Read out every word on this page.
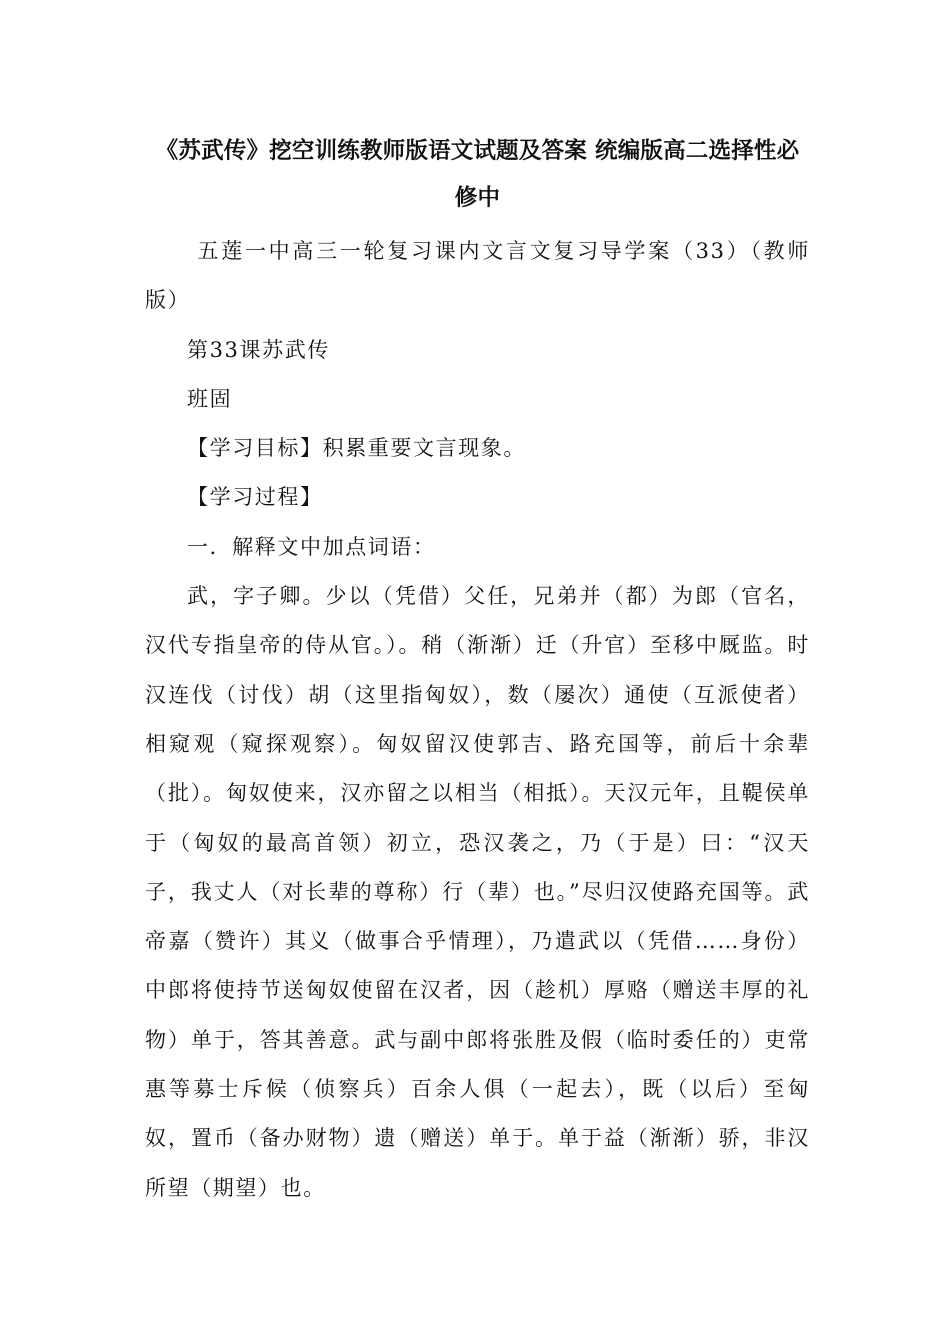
《苏武传》挖空训练教师版语文试题及答案 统编版高二选择性必修中

五莲一中高三一轮复习课内文言文复习导学案（33）（教师版）

第33课苏武传

班固

【学习目标】积累重要文言现象。

【学习过程】

一．解释文中加点词语：

武，字子卿。少以（凭借）父任，兄弟并（都）为郎（官名，汉代专指皇帝的侍从官。）。稍（渐渐）迁（升官）至移中厩监。时汉连伐（讨伐）胡（这里指匈奴），数（屡次）通使（互派使者）相窥观（窥探观察）。匈奴留汉使郭吉、路充国等，前后十余辈（批）。匈奴使来，汉亦留之以相当（相抵）。天汉元年，且鞮侯单于（匈奴的最高首领）初立，恐汉袭之，乃（于是）曰：“汉天子，我丈人（对长辈的尊称）行（辈）也。”尽归汉使路充国等。武帝嘉（赞许）其义（做事合乎情理），乃遣武以（凭借……身份）中郎将使持节送匈奴使留在汉者，因（趁机）厚赂（赠送丰厚的礼物）单于，答其善意。武与副中郎将张胜及假（临时委任的）吏常惠等募士斥候（侦察兵）百余人俱（一起去），既（以后）至匈奴，置币（备办财物）遗（赠送）单于。单于益（渐渐）骄，非汉所望（期望）也。
